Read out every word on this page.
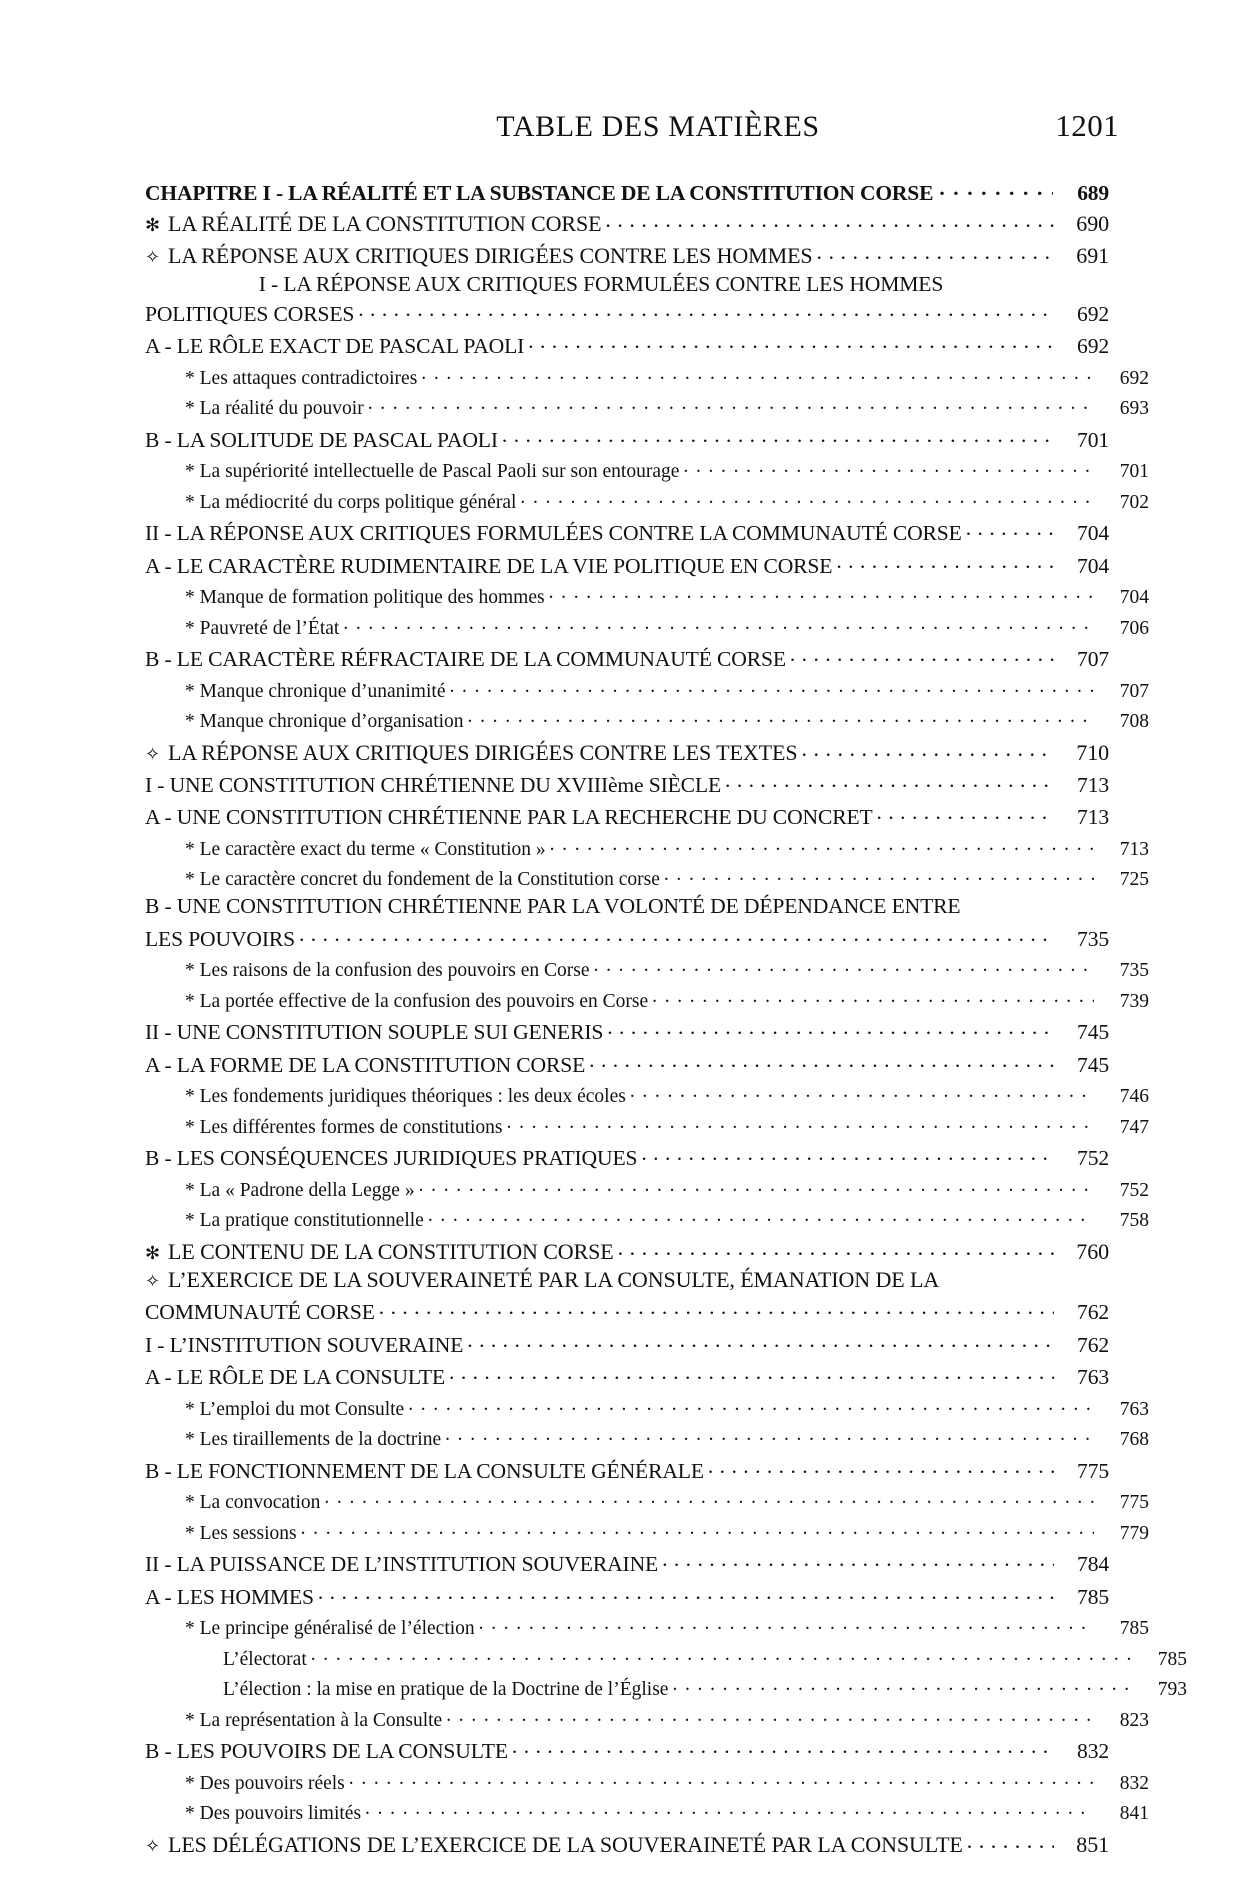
TABLE DES MATIÈRES	1201
CHAPITRE I - LA RÉALITÉ ET LA SUBSTANCE DE LA CONSTITUTION CORSE . . .	689
✻ LA RÉALITÉ DE LA CONSTITUTION CORSE . . .	690
✧ LA RÉPONSE AUX CRITIQUES DIRIGÉES CONTRE LES HOMMES . . .	691
I - LA RÉPONSE AUX CRITIQUES FORMULÉES CONTRE LES HOMMES
POLITIQUES CORSES . . .	692
A - LE RÔLE EXACT DE PASCAL PAOLI . . .	692
* Les attaques contradictoires . . .	692
* La réalité du pouvoir . . .	693
B - LA SOLITUDE DE PASCAL PAOLI . . .	701
* La supériorité intellectuelle de Pascal Paoli sur son entourage . . .	701
* La médiocrité du corps politique général . . .	702
II - LA RÉPONSE AUX CRITIQUES FORMULÉES CONTRE LA COMMUNAUTÉ CORSE . . .	704
A - LE CARACTÈRE RUDIMENTAIRE DE LA VIE POLITIQUE EN CORSE . . .	704
* Manque de formation politique des hommes . . .	704
* Pauvreté de l’État . . .	706
B - LE CARACTÈRE RÉFRACTAIRE DE LA COMMUNAUTÉ CORSE . . .	707
* Manque chronique d’unanimité . . .	707
* Manque chronique d’organisation . . .	708
✧ LA RÉPONSE AUX CRITIQUES DIRIGÉES CONTRE LES TEXTES . . .	710
I - UNE CONSTITUTION CHRÉTIENNE DU XVIIIème SIÈCLE . . .	713
A - UNE CONSTITUTION CHRÉTIENNE PAR LA RECHERCHE DU CONCRET . . .	713
* Le caractère exact du terme « Constitution » . . .	713
* Le caractère concret du fondement de la Constitution corse . . .	725
B - UNE CONSTITUTION CHRÉTIENNE PAR LA VOLONTÉ DE DÉPENDANCE ENTRE
LES POUVOIRS . . .	735
* Les raisons de la confusion des pouvoirs en Corse . . .	735
* La portée effective de la confusion des pouvoirs en Corse . . .	739
II - UNE CONSTITUTION SOUPLE SUI GENERIS . . .	745
A - LA FORME DE LA CONSTITUTION CORSE . . .	745
* Les fondements juridiques théoriques : les deux écoles . . .	746
* Les différentes formes de constitutions . . .	747
B - LES CONSÉQUENCES JURIDIQUES PRATIQUES . . .	752
* La « Padrone della Legge » . . .	752
* La pratique constitutionnelle . . .	758
✻ LE CONTENU DE LA CONSTITUTION CORSE . . .	760
✧ L’EXERCICE DE LA SOUVERAINETÉ PAR LA CONSULTE, ÉMANATION DE LA
COMMUNAUTÉ CORSE . . .	762
I - L’INSTITUTION SOUVERAINE . . .	762
A - LE RÔLE DE LA CONSULTE . . .	763
* L’emploi du mot Consulte . . .	763
* Les tiraillements de la doctrine . . .	768
B - LE FONCTIONNEMENT DE LA CONSULTE GÉNÉRALE . . .	775
* La convocation . . .	775
* Les sessions . . .	779
II - LA PUISSANCE DE L’INSTITUTION SOUVERAINE . . .	784
A - LES HOMMES . . .	785
* Le principe généralisé de l’élection . . .	785
L’électorat . . .	785
L’élection : la mise en pratique de la Doctrine de l’Église . . .	793
* La représentation à la Consulte . . .	823
B - LES POUVOIRS DE LA CONSULTE . . .	832
* Des pouvoirs réels . . .	832
* Des pouvoirs limités . . .	841
✧ LES DÉLÉGATIONS DE L’EXERCICE DE LA SOUVERAINETÉ PAR LA CONSULTE . . .	851
